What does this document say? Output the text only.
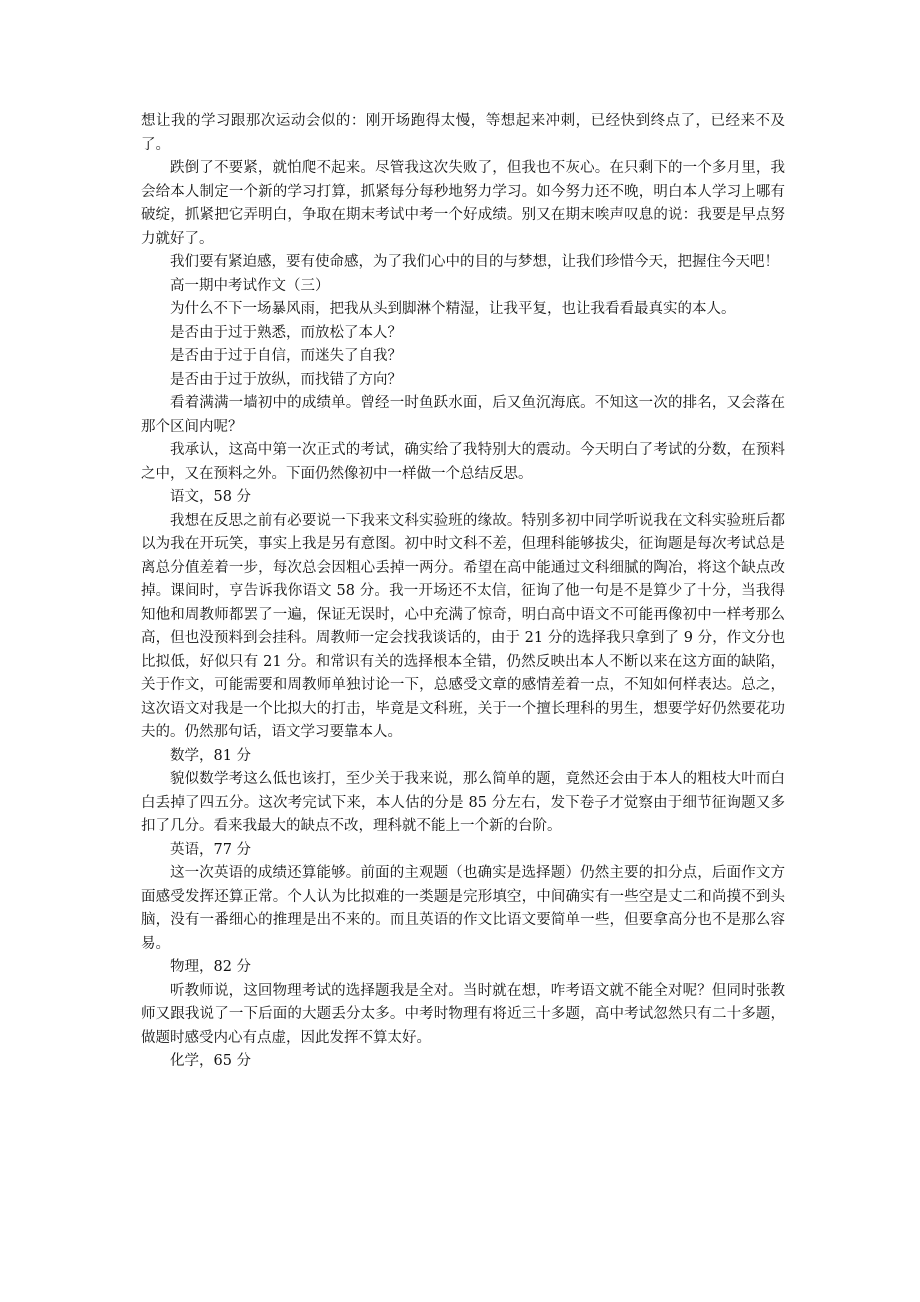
想让我的学习跟那次运动会似的：刚开场跑得太慢，等想起来冲刺，已经快到终点了，已经来不及了。

跌倒了不要紧，就怕爬不起来。尽管我这次失败了，但我也不灰心。在只剩下的一个多月里，我会给本人制定一个新的学习打算，抓紧每分每秒地努力学习。如今努力还不晚，明白本人学习上哪有破绽，抓紧把它弄明白，争取在期末考试中考一个好成绩。别又在期末唉声叹息的说：我要是早点努力就好了。

我们要有紧迫感，要有使命感，为了我们心中的目的与梦想，让我们珍惜今天，把握住今天吧！

高一期中考试作文（三）

为什么不下一场暴风雨，把我从头到脚淋个精湿，让我平复，也让我看看最真实的本人。

是否由于过于熟悉，而放松了本人？

是否由于过于自信，而迷失了自我？

是否由于过于放纵，而找错了方向？

看着满满一墙初中的成绩单。曾经一时鱼跃水面，后又鱼沉海底。不知这一次的排名，又会落在那个区间内呢？

我承认，这高中第一次正式的考试，确实给了我特别大的震动。今天明白了考试的分数，在预料之中，又在预料之外。下面仍然像初中一样做一个总结反思。

语文，58 分

我想在反思之前有必要说一下我来文科实验班的缘故。特别多初中同学听说我在文科实验班后都以为我在开玩笑，事实上我是另有意图。初中时文科不差，但理科能够拔尖，征询题是每次考试总是离总分值差着一步，每次总会因粗心丢掉一两分。希望在高中能通过文科细腻的陶冶，将这个缺点改掉。课间时，亨告诉我你语文 58 分。我一开场还不太信，征询了他一句是不是算少了十分，当我得知他和周教师都罢了一遍，保证无误时，心中充满了惊奇，明白高中语文不可能再像初中一样考那么高，但也没预料到会挂科。周教师一定会找我谈话的，由于 21 分的选择我只拿到了 9 分，作文分也比拟低，好似只有 21 分。和常识有关的选择根本全错，仍然反映出本人不断以来在这方面的缺陷，关于作文，可能需要和周教师单独讨论一下，总感受文章的感情差着一点，不知如何样表达。总之，这次语文对我是一个比拟大的打击，毕竟是文科班，关于一个擅长理科的男生，想要学好仍然要花功夫的。仍然那句话，语文学习要靠本人。

数学，81 分

貌似数学考这么低也该打，至少关于我来说，那么简单的题，竟然还会由于本人的粗枝大叶而白白丢掉了四五分。这次考完试下来，本人估的分是 85 分左右，发下卷子才觉察由于细节征询题又多扣了几分。看来我最大的缺点不改，理科就不能上一个新的台阶。

英语，77 分

这一次英语的成绩还算能够。前面的主观题（也确实是选择题）仍然主要的扣分点，后面作文方面感受发挥还算正常。个人认为比拟难的一类题是完形填空，中间确实有一些空是丈二和尚摸不到头脑，没有一番细心的推理是出不来的。而且英语的作文比语文要简单一些，但要拿高分也不是那么容易。

物理，82 分

听教师说，这回物理考试的选择题我是全对。当时就在想，咋考语文就不能全对呢？但同时张教师又跟我说了一下后面的大题丢分太多。中考时物理有将近三十多题，高中考试忽然只有二十多题，做题时感受内心有点虚，因此发挥不算太好。

化学，65 分
